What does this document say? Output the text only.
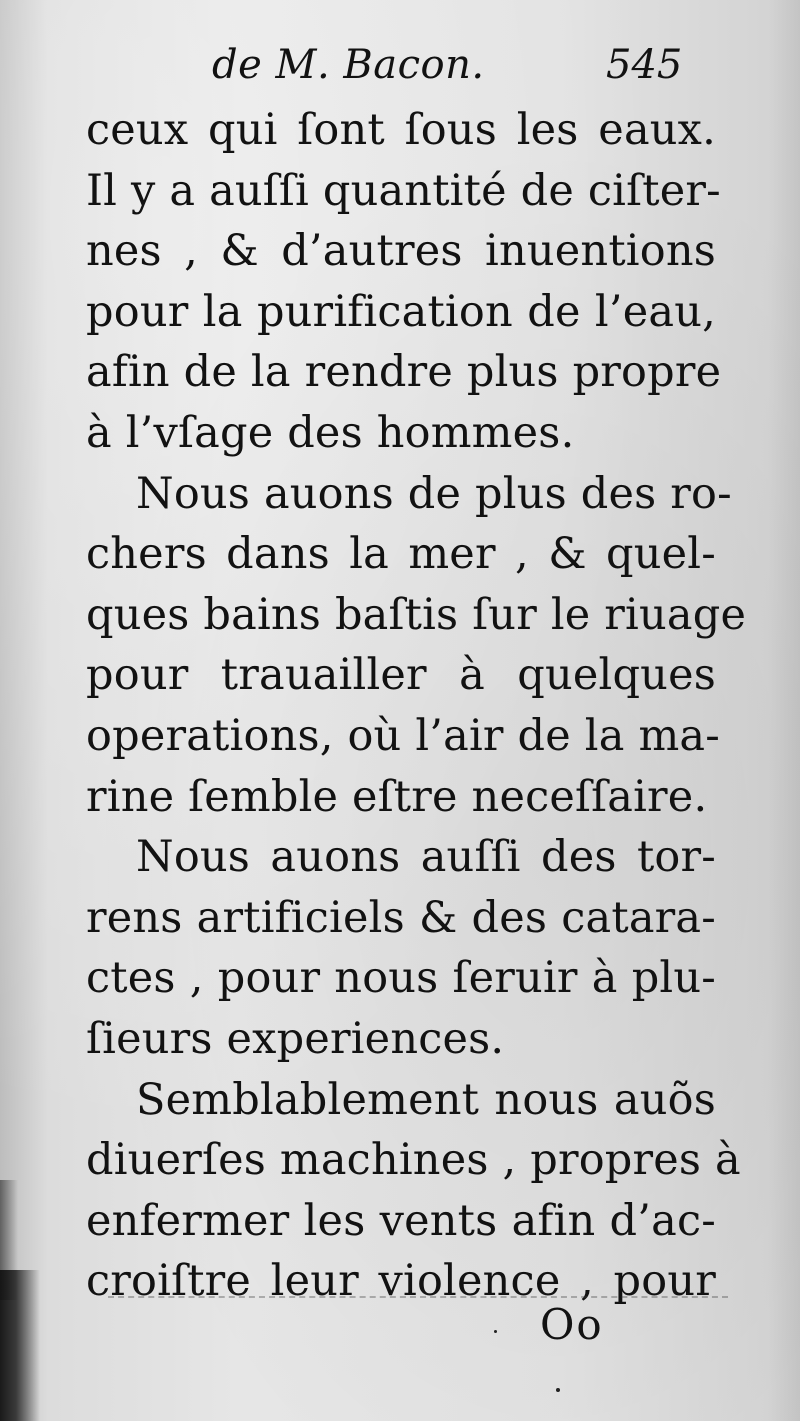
de M. Bacon.	545
ceux qui ſont ſous les eaux.
Il y a auſſi quantité de ciſter-
nes , & d’autres inuentions
pour la purification de l’eau,
afin de la rendre plus propre
à l’vſage des hommes.
Nous auons de plus des ro-
chers dans la mer , & quel-
ques bains baſtis ſur le riuage
pour trauailler à quelques
operations, où l’air de la ma-
rine ſemble eſtre neceſſaire.
Nous auons auſſi des tor-
rens artificiels & des catara-
ctes , pour nous ſeruir à plu-
ſieurs experiences.
Semblablement nous auõs
diuerſes machines , propres à
enfermer les vents afin d’ac-
croiſtre leur violence , pour
Oo
